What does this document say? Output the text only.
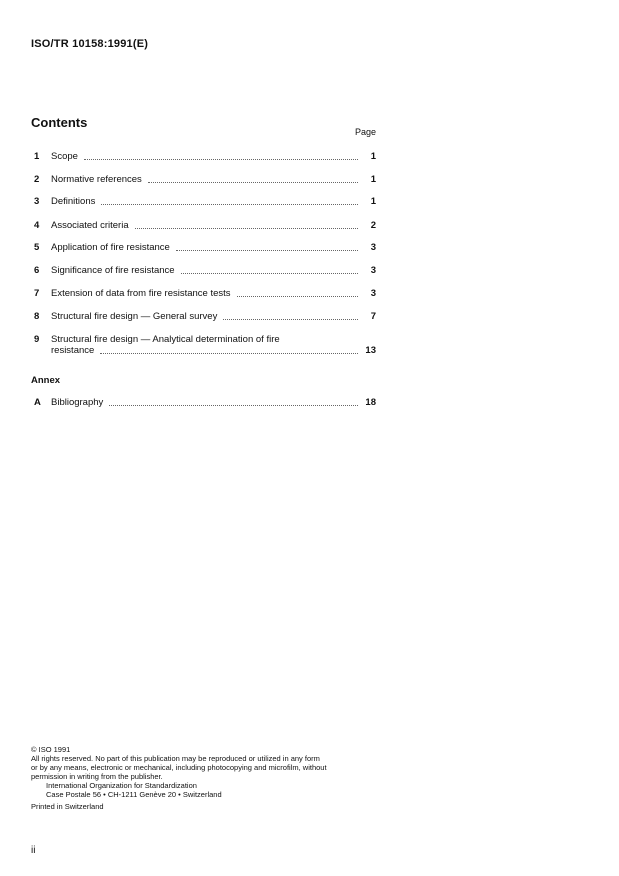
ISO/TR 10158:1991(E)
Contents
Page
1	Scope	1
2	Normative references	1
3	Definitions	1
4	Associated criteria	2
5	Application of fire resistance	3
6	Significance of fire resistance	3
7	Extension of data from fire resistance tests	3
8	Structural fire design — General survey	7
9	Structural fire design — Analytical determination of fire
resistance	13
Annex
A	Bibliography	18
© ISO 1991
All rights reserved. No part of this publication may be reproduced or utilized in any form
or by any means, electronic or mechanical, including photocopying and microfilm, without
permission in writing from the publisher.
International Organization for Standardization
Case Postale 56 • CH-1211 Genève 20 • Switzerland
Printed in Switzerland
ii
